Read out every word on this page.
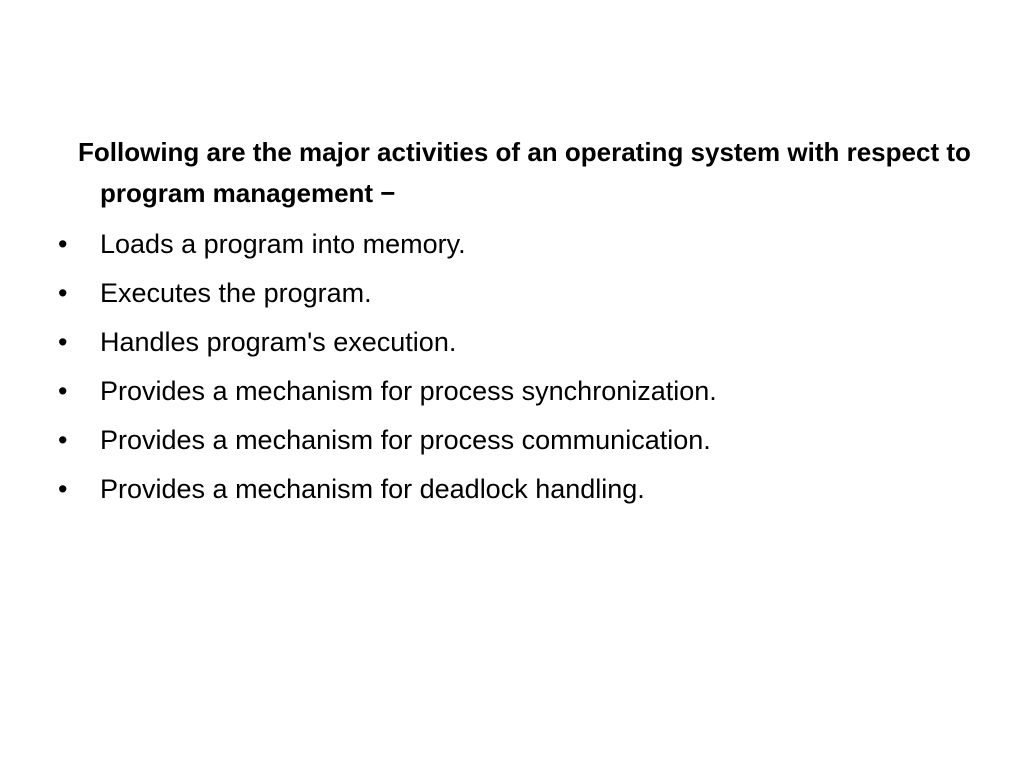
Following are the major activities of an operating system with respect to program management −

• Loads a program into memory.
• Executes the program.
• Handles program's execution.
• Provides a mechanism for process synchronization.
• Provides a mechanism for process communication.
• Provides a mechanism for deadlock handling.
